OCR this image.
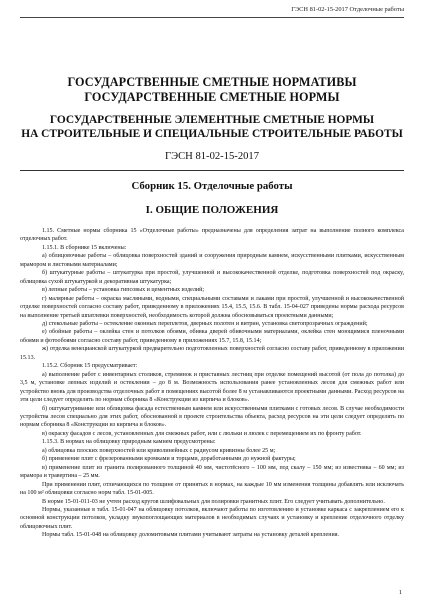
ГЭСН 81-02-15-2017 Отделочные работы
ГОСУДАРСТВЕННЫЕ СМЕТНЫЕ НОРМАТИВЫ
ГОСУДАРСТВЕННЫЕ СМЕТНЫЕ НОРМЫ
ГОСУДАРСТВЕННЫЕ ЭЛЕМЕНТНЫЕ СМЕТНЫЕ НОРМЫ
НА СТРОИТЕЛЬНЫЕ И СПЕЦИАЛЬНЫЕ СТРОИТЕЛЬНЫЕ РАБОТЫ
ГЭСН 81-02-15-2017
Сборник 15. Отделочные работы
I. ОБЩИЕ ПОЛОЖЕНИЯ

1.15. Сметные нормы сборника 15 «Отделочные работы» предназначены для определения затрат на выполнение полного комплекса отделочных работ.

1.15.1. В сборнике 15 включены:

а) облицовочные работы – облицовка поверхностей зданий и сооружения природным камнем, искусственными плитками, искусственным мрамором и листовыми материалами;

б) штукатурные работы – штукатурка при простой, улучшенной и высококачественной отделке, подготовка поверхностей под окраску, облицовка сухой штукатуркой и декоративная штукатурка;

в) лепные работы – установка гипсовых и цементных изделий;

г) малярные работы – окраска масляными, водными, специальными составами и лаками при простой, улучшенной и высококачественной отделке поверхностей согласно составу работ, приведенному в приложениях 15.4, 15.5, 15.6. В табл. 15-04-027 приведены нормы расхода ресурсов на выполнение третьей шпатлевки поверхностей, необходимость которой должна обосновываться проектными данными;

д) стекольные работы – остекление оконных переплетов, дверных полотен и витрин, установка светопрозрачных ограждений;

е) обойные работы – оклейка стен и потолков обоями, обивка дверей обивочными материалами, оклейка стен моющимися пленочными обоями и фотообоями согласно составу работ, приведенному в приложениях 15.7, 15.8, 15.14;

ж) отделка венецианской штукатуркой предварительно подготовленных поверхностей согласно составу работ, приведенному в приложении 15.13.

1.15.2. Сборник 15 предусматривает:

а) выполнение работ с инвентарных столиков, стремянок и приставных лестниц при отделке помещений высотой (от пола до потолка) до 3,5 м, установке лепных изделий и остеклении – до 8 м. Возможность использования ранее установленных лесов для смежных работ или устройство вновь для производства отделочных работ в помещениях высотой более 8 м устанавливаются проектными данными. Расход ресурсов на эти цели следует определять по нормам сборника 8 «Конструкции из кирпича и блоков».

б) оштукатуривание или облицовка фасада естественным камнем или искусственными плитками с готовых лесов. В случае необходимости устройства лесов специально для этих работ, обоснованной в проекте строительства объекта, расход ресурсов на эти цели следует определять по нормам сборника 8 «Конструкции из кирпича и блоков».

в) окраску фасадов с лесов, установленных для смежных работ, или с люльки и люлек с перемещением их по фронту работ.

1.15.3. В нормах на облицовку природным камнем предусмотрены:

а) облицовка плоских поверхностей или криволинейных с радиусом кривизны более 25 м;

б) применение плит с фрезерованными кромками и торцами, доработанными до нужной фактуры;

в) применение плит из гранита полированного толщиной 40 мм, чистотёсного – 100 мм, под скалу – 150 мм; из известняка – 60 мм; из мрамора и травертина – 25 мм.

При применении плит, отличающихся по толщине от принятых в нормах, на каждые 10 мм изменения толщины добавлять или исключать на 100 м² облицовки согласно норм табл. 15-01-005.

В норме 15-01-011-03 не учтен расход кругов шлифовальных для полировки гранитных плит. Его следует учитывать дополнительно.

Нормы, указанные в табл. 15-01-047 на облицовку потолков, включают работы по изготовлению и установке каркаса с закреплением его к основной конструкции потолков, укладку звукопоглощающих материалов в необходимых случаях и установку и крепление отделочного отделку облицовочных плит.

Нормы табл. 15-01-048 на облицовку доломитовыми плитами учитывают затраты на установку деталей крепления.

1
